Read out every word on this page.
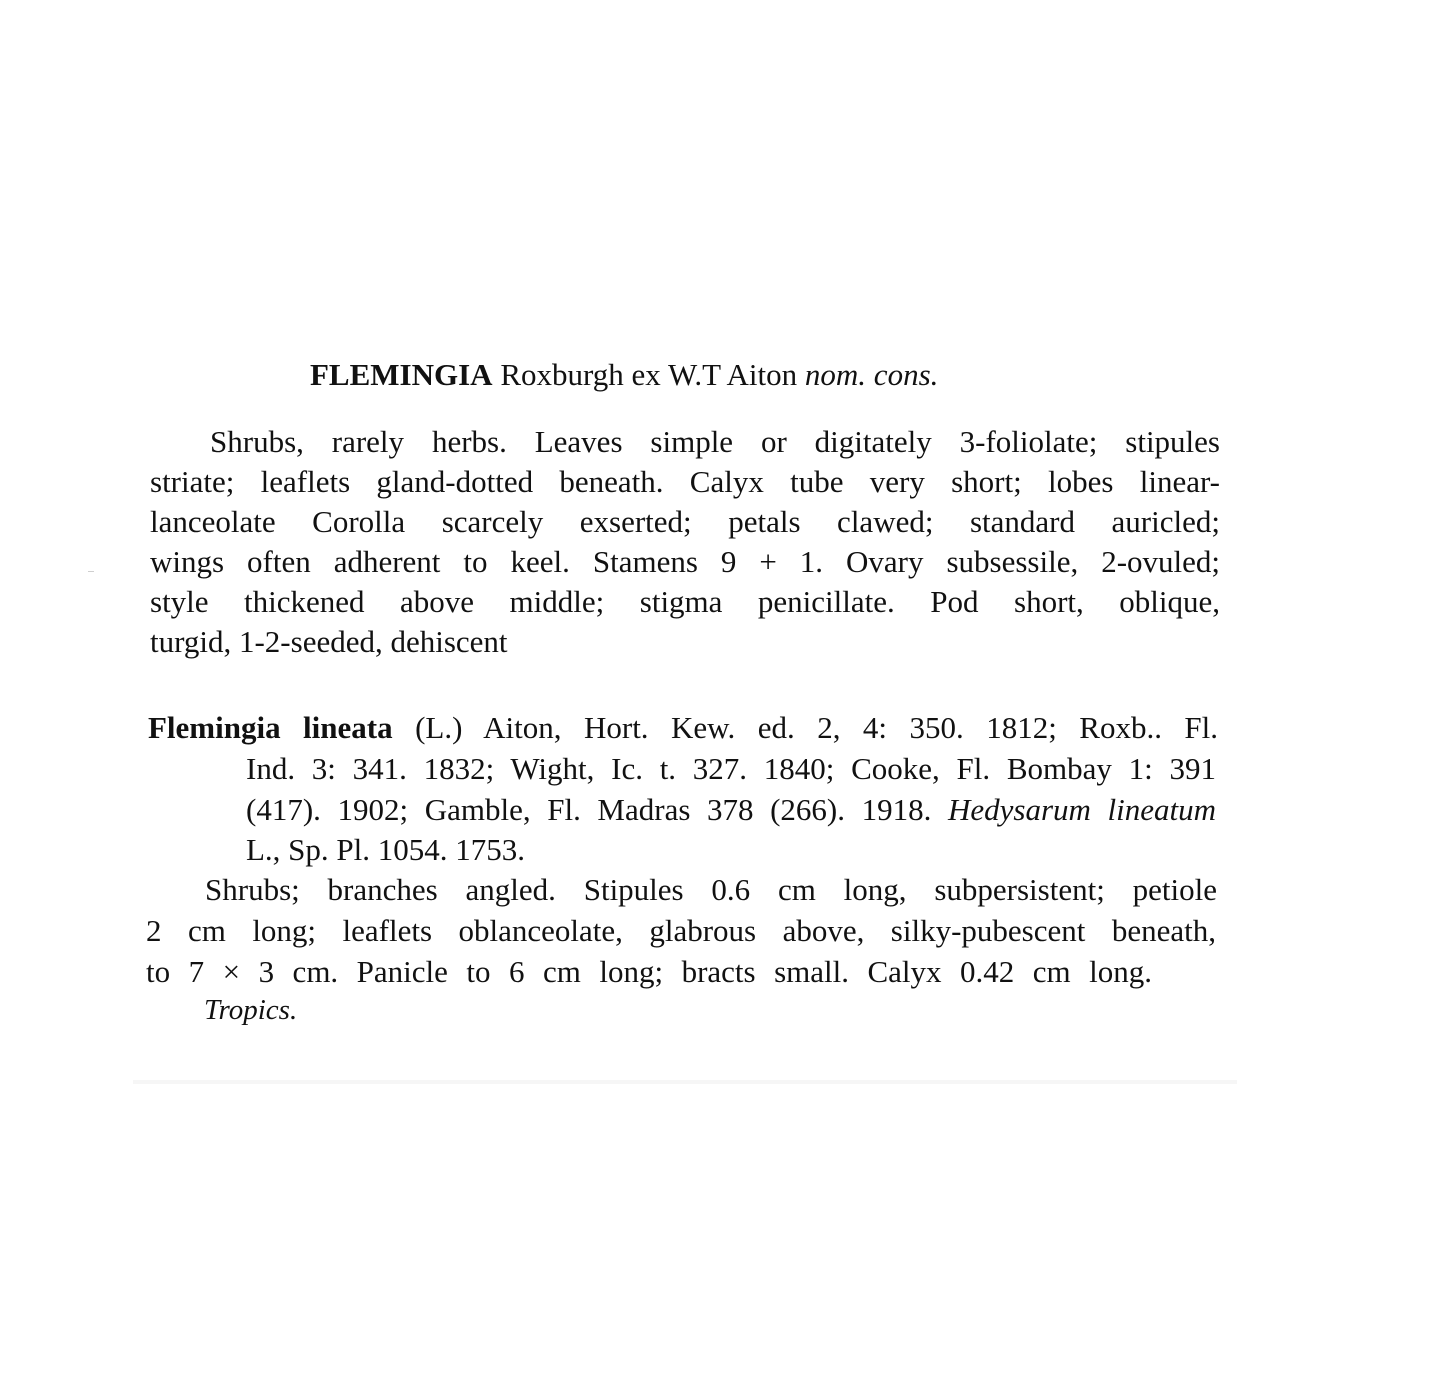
FLEMINGIA Roxburgh ex W.T Aiton nom. cons.
Shrubs, rarely herbs. Leaves simple or digitately 3-foliolate; stipules
striate; leaflets gland-dotted beneath. Calyx tube very short; lobes linear-
lanceolate Corolla scarcely exserted; petals clawed; standard auricled;
wings often adherent to keel. Stamens 9 + 1. Ovary subsessile, 2-ovuled;
style thickened above middle; stigma penicillate. Pod short, oblique,
turgid, 1-2-seeded, dehiscent
Flemingia lineata (L.) Aiton, Hort. Kew. ed. 2, 4: 350. 1812; Roxb.. Fl.
Ind. 3: 341. 1832; Wight, Ic. t. 327. 1840; Cooke, Fl. Bombay 1: 391
(417). 1902; Gamble, Fl. Madras 378 (266). 1918. Hedysarum lineatum
L., Sp. Pl. 1054. 1753.
Shrubs; branches angled. Stipules 0.6 cm long, subpersistent; petiole
2 cm long; leaflets oblanceolate, glabrous above, silky-pubescent beneath,
to 7 × 3 cm. Panicle to 6 cm long; bracts small. Calyx 0.42 cm long.
Tropics.
